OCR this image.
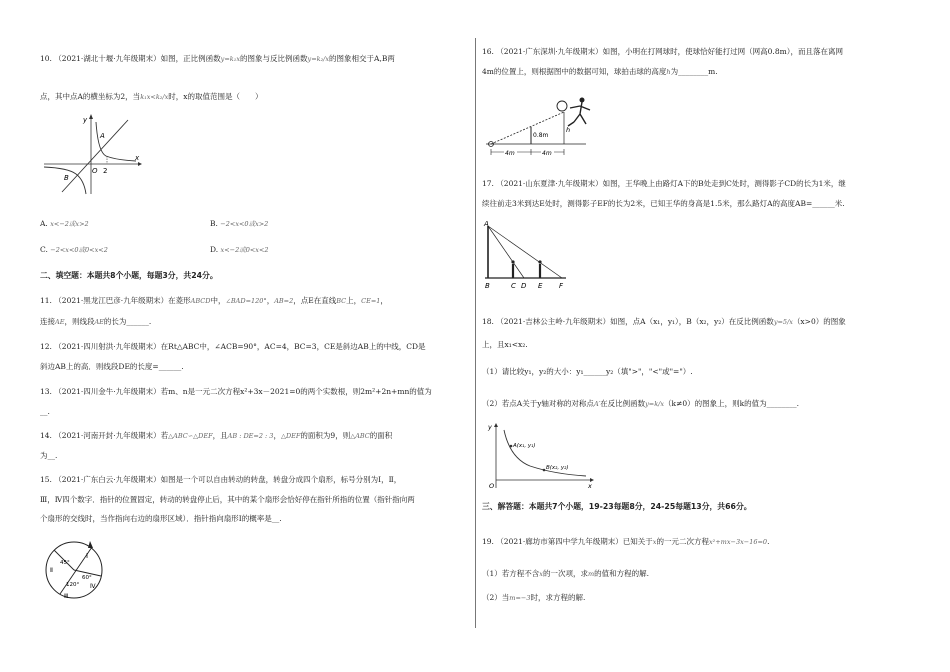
10. （2021·湖北十堰·九年级期末）如图，正比例函数y=k₁x的图象与反比例函数y=k₂/x的图象相交于A,B两
点，其中点A的横坐标为2，当k₁x<k₂/x时，x的取值范围是（　　）
y
x
A
B
O 2
A. x<−2或x>2	B. −2<x<0或x>2
C. −2<x<0或0<x<2	D. x<−2或0<x<2
二、填空题：本题共8个小题，每题3分，共24分。
11. （2021·黑龙江巴彦·九年级期末）在菱形ABCD中，∠BAD=120°，AB=2，点E在直线BC上，CE=1，
连接AE，则线段AE的长为______.
12. （2021·四川射洪·九年级期末）在Rt△ABC中，∠ACB=90°，AC=4，BC=3，CE是斜边AB上的中线，CD是
斜边AB上的高．则线段DE的长度=______.
13. （2021·四川金牛·九年级期末）若m、n是一元二次方程x²+3x－2021=0的两个实数根，则2m²+2n+mn的值为
__.
14. （2021·河南开封·九年级期末）若△ABC∽△DEF，且AB : DE=2 : 3，△DEF的面积为9，则△ABC的面积
为__.
15. （2021·广东白云·九年级期末）如图是一个可以自由转动的转盘，转盘分成四个扇形，标号分别为Ⅰ，Ⅱ，
Ⅲ，Ⅳ四个数字．指针的位置固定，转动的转盘停止后，其中的某个扇形会恰好停在指针所指的位置（指针指向两
个扇形的交线时，当作指向右边的扇形区域）．指针指向扇形Ⅰ的概率是__.
Ⅰ
Ⅱ
Ⅲ
Ⅳ
45°
60°
120°
16. （2021·广东深圳·九年级期末）如图，小明在打网球时，使球恰好能打过网（网高0.8m），而且落在离网
4m的位置上，则根据图中的数据可知，球拍击球的高度h为________m.
0.8m
h
4m	4m
17. （2021·山东夏津·九年级期末）如图，王华晚上由路灯A下的B处走到C处时，测得影子CD的长为1米，继
续往前走3米到达E处时，测得影子EF的长为2米，已知王华的身高是1.5米，那么路灯A的高度AB=______米.
A
B	C D E F
18. （2021·吉林公主岭·九年级期末）如图，点A（x₁，y₁），B（x₂，y₂）在反比例函数y=5/x（x>0）的图象
上，且x₁<x₂.
（1）请比较y₁，y₂的大小：y₁______y₂（填">"，"<"或"="）.
（2）若点A关于y轴对称的对称点A′在反比例函数y=k/x（k≠0）的图象上，则k的值为________.
y
x
O
A(x₁, y₁)
B(x₂, y₂)
三、解答题：本题共7个小题，19-23每题8分，24-25每题13分，共66分。
19. （2021·廊坊市第四中学九年级期末）已知关于x的一元二次方程x²+mx−3x−16=0.
（1）若方程不含x的一次项，求m的值和方程的解.
（2）当m=−3时，求方程的解.
